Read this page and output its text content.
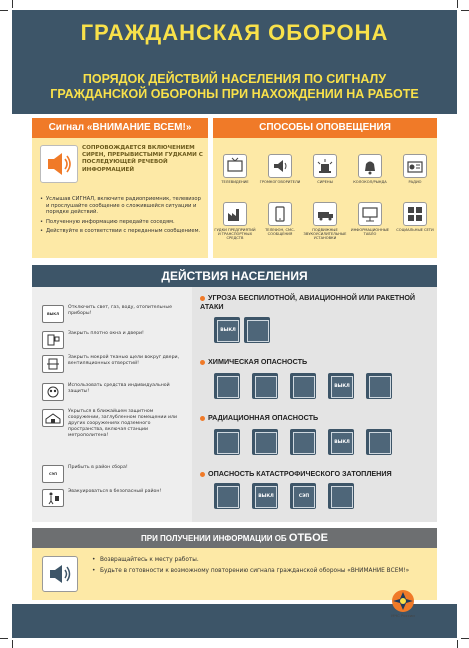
ГРАЖДАНСКАЯ ОБОРОНА
ПОРЯДОК ДЕЙСТВИЙ НАСЕЛЕНИЯ ПО СИГНАЛУ
ГРАЖДАНСКОЙ ОБОРОНЫ ПРИ НАХОЖДЕНИИ НА РАБОТЕ
Сигнал «ВНИМАНИЕ ВСЕМ!»
СОПРОВОЖДАЕТСЯ ВКЛЮЧЕНИЕМ СИРЕН, ПРЕРЫВИСТЫМИ ГУДКАМИ С ПОСЛЕДУЮЩЕЙ РЕЧЕВОЙ ИНФОРМАЦИЕЙ
• Услышав СИГНАЛ, включите радиоприемник, телевизор и прослушайте сообщение о сложившейся ситуации и порядке действий.
• Полученную информацию передайте соседям.
• Действуйте в соответствии с переданным сообщением.
СПОСОБЫ ОПОВЕЩЕНИЯ
ТЕЛЕВИДЕНИЕ	ГРОМКОГОВОРИТЕЛИ	СИРЕНЫ	КОЛОКОЛ/РЫНДА	РАДИО
ГУДКИ ПРЕДПРИЯТИЙ И ТРАНСПОРТНЫХ СРЕДСТВ
ТЕЛЕФОН, СМС-СООБЩЕНИЯ
ПОДВИЖНЫЕ ЗВУКОУСИЛИТЕЛЬНЫЕ УСТАНОВКИ
ИНФОРМАЦИОННЫЕ ТАБЛО
СОЦИАЛЬНЫЕ СЕТИ
ДЕЙСТВИЯ НАСЕЛЕНИЯ
ВЫКЛ
Отключить свет, газ, воду, отопительные приборы!
Закрыть плотно окна и двери!
Закрыть мокрой тканью щели вокруг двери, вентиляционных отверстий!
Использовать средства индивидуальной защиты!
Укрыться в ближайшем защитном сооружении, заглубленном помещении или других сооружениях подземного пространства, включая станции метрополитена!
СЭП
Прибыть в район сбора!
Эвакуироваться в безопасный район!
УГРОЗА БЕСПИЛОТНОЙ, АВИАЦИОННОЙ ИЛИ РАКЕТНОЙ АТАКИ
ВЫКЛ
ХИМИЧЕСКАЯ ОПАСНОСТЬ
ВЫКЛ
РАДИАЦИОННАЯ ОПАСНОСТЬ
ВЫКЛ
ОПАСНОСТЬ КАТАСТРОФИЧЕСКОГО ЗАТОПЛЕНИЯ
ВЫКЛ	СЭП
ПРИ ПОЛУЧЕНИИ ИНФОРМАЦИИ ОБ ОТБОЕ
• Возвращайтесь к месту работы.
• Будьте в готовности к возможному повторению сигнала гражданской обороны «ВНИМАНИЕ ВСЕМ!»
МЧС России
